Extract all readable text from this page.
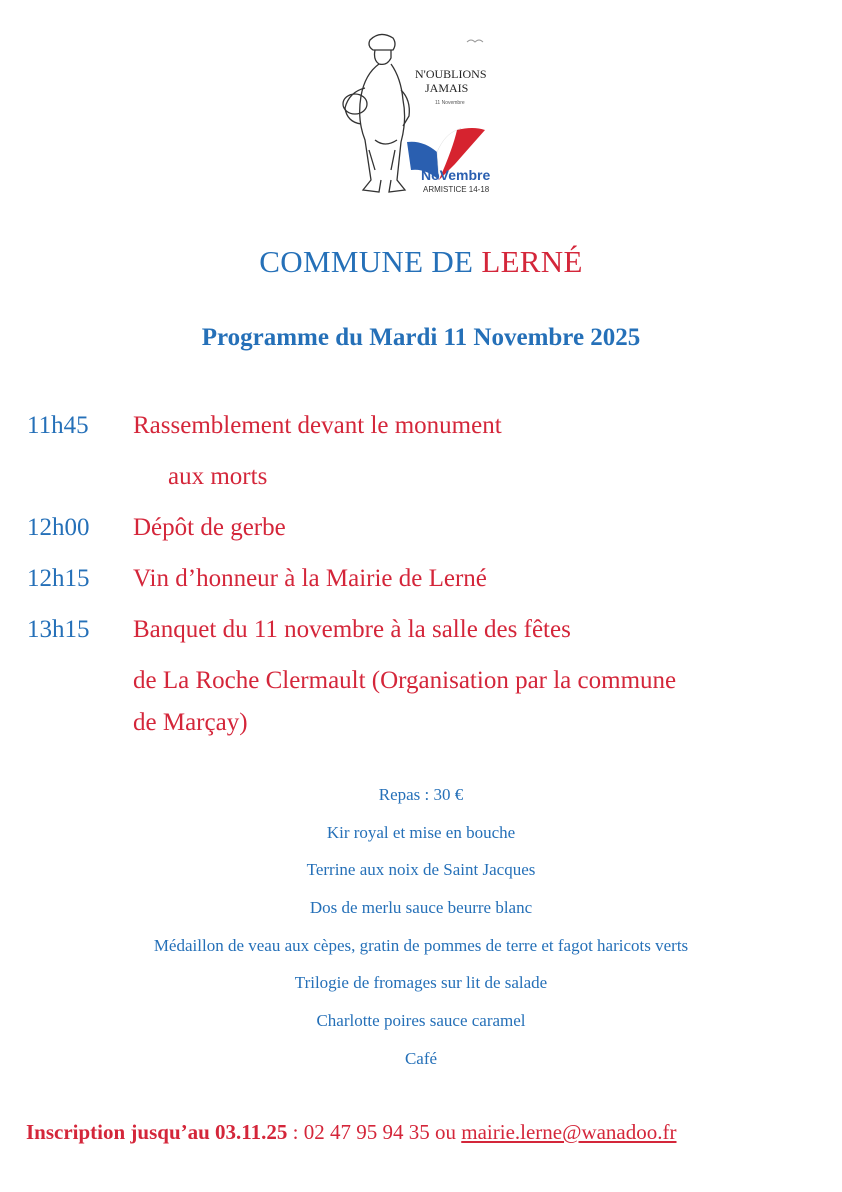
N'OUBLIONS
JAMAIS
11 Novembre
NoVembre
ARMISTICE 14-18
COMMUNE DE LERNÉ
Programme du Mardi 11 Novembre 2025
11h45 Rassemblement devant le monument
aux morts
12h00 Dépôt de gerbe
12h15 Vin d’honneur à la Mairie de Lerné
13h15 Banquet du 11 novembre à la salle des fêtes
de La Roche Clermault (Organisation par la commune
de Marçay)
Repas : 30 €
Kir royal et mise en bouche
Terrine aux noix de Saint Jacques
Dos de merlu sauce beurre blanc
Médaillon de veau aux cèpes, gratin de pommes de terre et fagot haricots verts
Trilogie de fromages sur lit de salade
Charlotte poires sauce caramel
Café
Inscription jusqu’au 03.11.25 : 02 47 95 94 35 ou mairie.lerne@wanadoo.fr
